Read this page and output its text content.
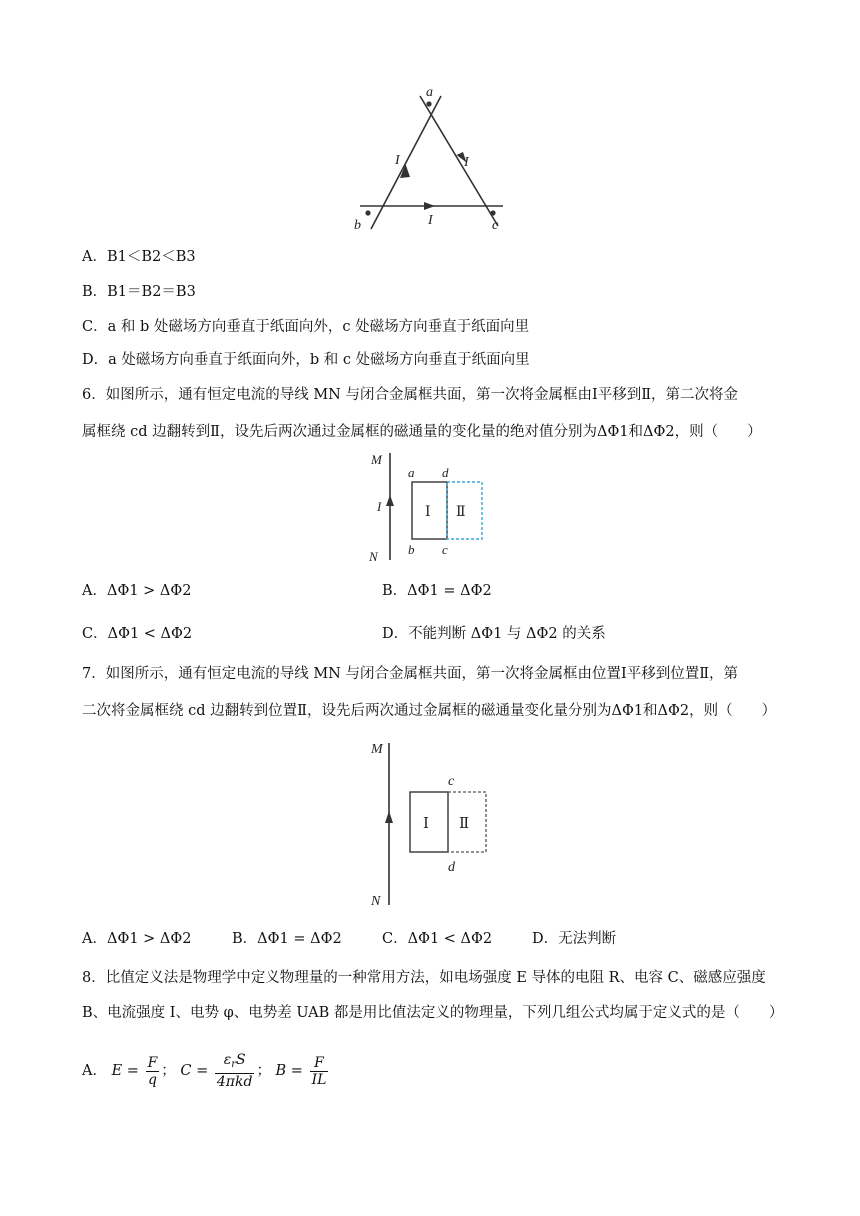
a
b	c
I	I
I
A．B1＜B2＜B3
B．B1＝B2＝B3
C．a 和 b 处磁场方向垂直于纸面向外，c 处磁场方向垂直于纸面向里
D．a 处磁场方向垂直于纸面向外，b 和 c 处磁场方向垂直于纸面向里
6．如图所示，通有恒定电流的导线 MN 与闭合金属框共面，第一次将金属框由Ⅰ平移到Ⅱ，第二次将金
属框绕 cd 边翻转到Ⅱ，设先后两次通过金属框的磁通量的变化量的绝对值分别为ΔΦ1和ΔΦ2，则（　　）
M
N
I
a d
b c
Ⅰ Ⅱ
A．ΔΦ1 > ΔΦ2	B．ΔΦ1 = ΔΦ2
C．ΔΦ1 < ΔΦ2	D．不能判断 ΔΦ1 与 ΔΦ2 的关系
7．如图所示，通有恒定电流的导线 MN 与闭合金属框共面，第一次将金属框由位置Ⅰ平移到位置Ⅱ，第
二次将金属框绕 cd 边翻转到位置Ⅱ，设先后两次通过金属框的磁通量变化量分别为ΔΦ1和ΔΦ2，则（　　）
M
N
c
d
Ⅰ Ⅱ
A．ΔΦ1 > ΔΦ2	B．ΔΦ1 = ΔΦ2	C．ΔΦ1 < ΔΦ2	D．无法判断
8．比值定义法是物理学中定义物理量的一种常用方法，如电场强度 E 导体的电阻 R、电容 C、磁感应强度
B、电流强度 I、电势 φ、电势差 UAB 都是用比值法定义的物理量，下列几组公式均属于定义式的是（　　）
A． $E = \frac{F}{q}$ ； $C = \frac{\varepsilon_rS}{\text{4πkd}}$ ； $B = \frac{F}{IL}$
